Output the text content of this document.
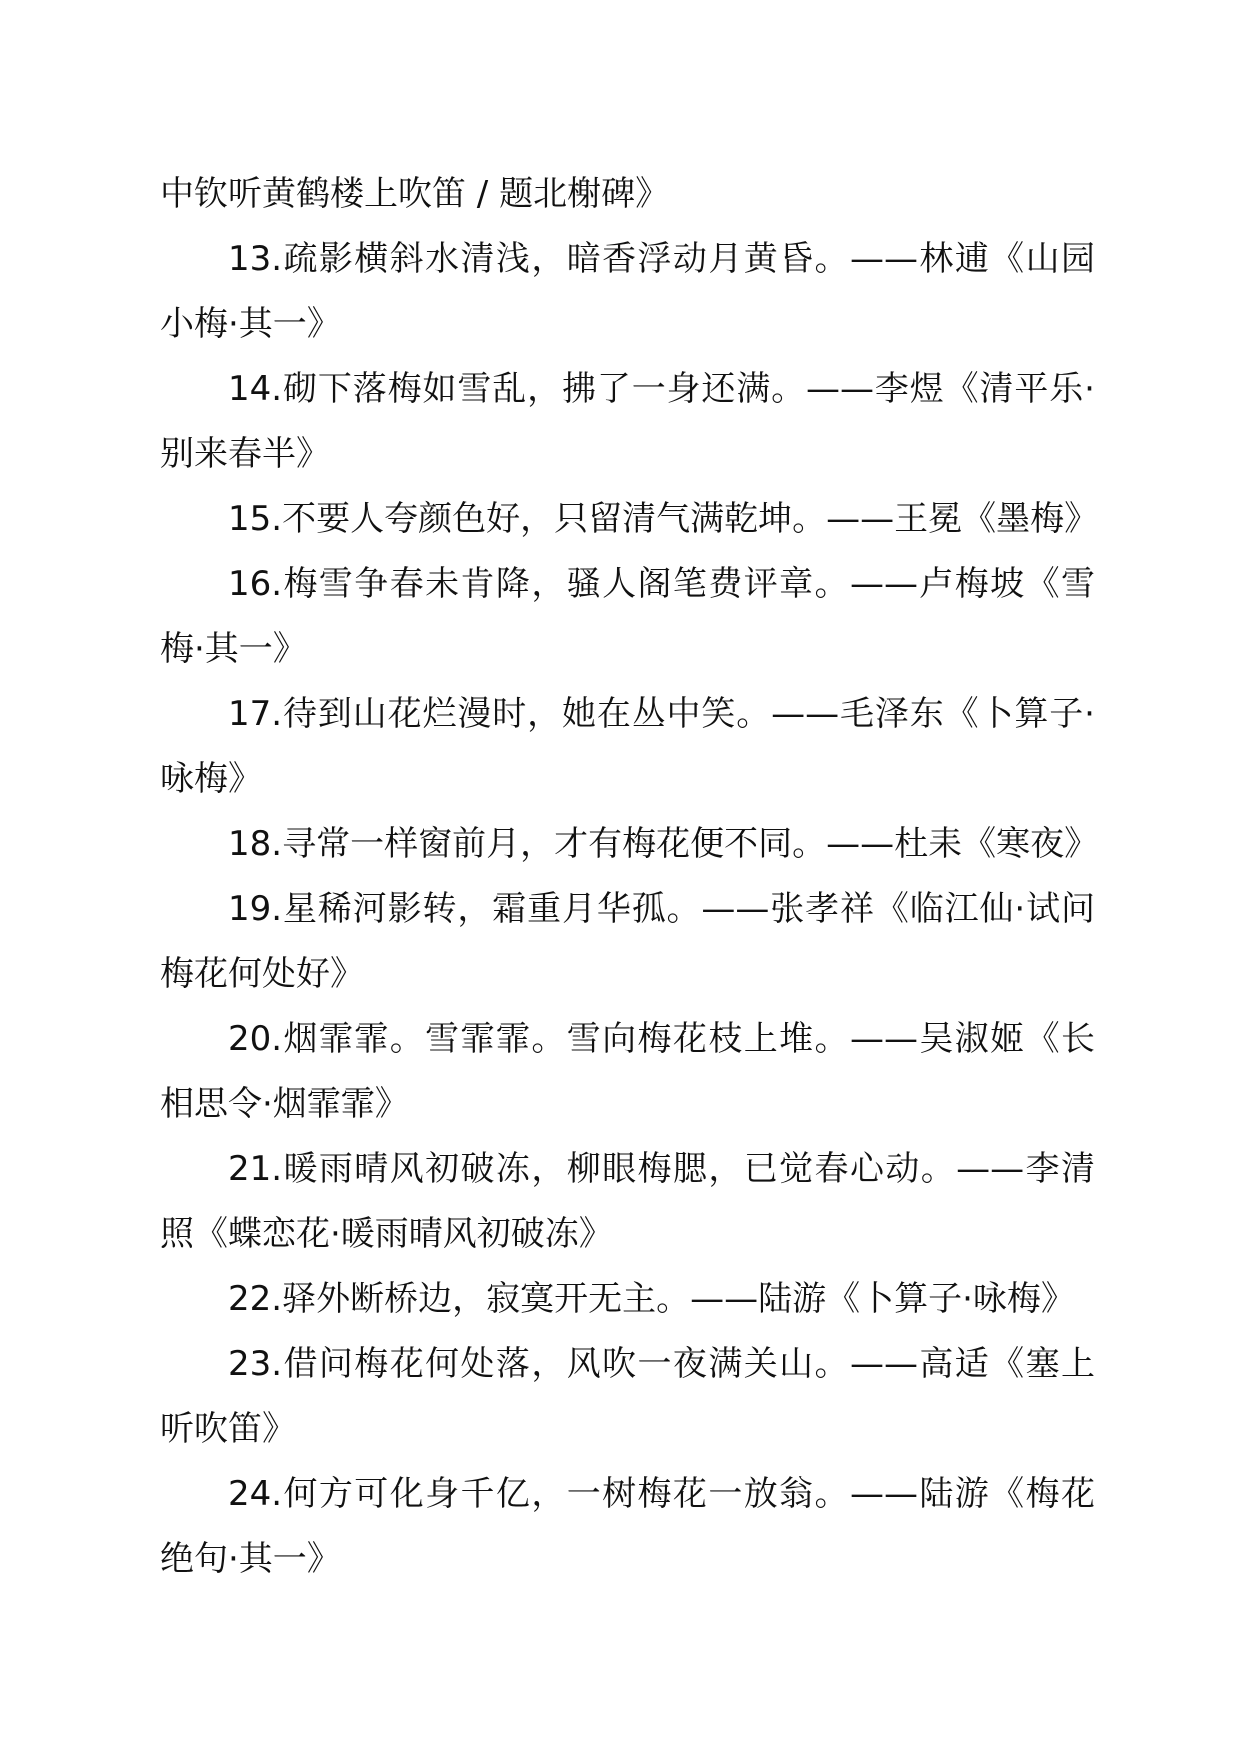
中钦听黄鹤楼上吹笛 / 题北榭碑》

13.疏影横斜水清浅，暗香浮动月黄昏。——林逋《山园小梅·其一》

14.砌下落梅如雪乱，拂了一身还满。——李煜《清平乐·别来春半》

15.不要人夸颜色好，只留清气满乾坤。——王冕《墨梅》

16.梅雪争春未肯降，骚人阁笔费评章。——卢梅坡《雪梅·其一》

17.待到山花烂漫时，她在丛中笑。——毛泽东《卜算子·咏梅》

18.寻常一样窗前月，才有梅花便不同。——杜耒《寒夜》

19.星稀河影转，霜重月华孤。——张孝祥《临江仙·试问梅花何处好》

20.烟霏霏。雪霏霏。雪向梅花枝上堆。——吴淑姬《长相思令·烟霏霏》

21.暖雨晴风初破冻，柳眼梅腮，已觉春心动。——李清照《蝶恋花·暖雨晴风初破冻》

22.驿外断桥边，寂寞开无主。——陆游《卜算子·咏梅》

23.借问梅花何处落，风吹一夜满关山。——高适《塞上听吹笛》

24.何方可化身千亿，一树梅花一放翁。——陆游《梅花绝句·其一》
